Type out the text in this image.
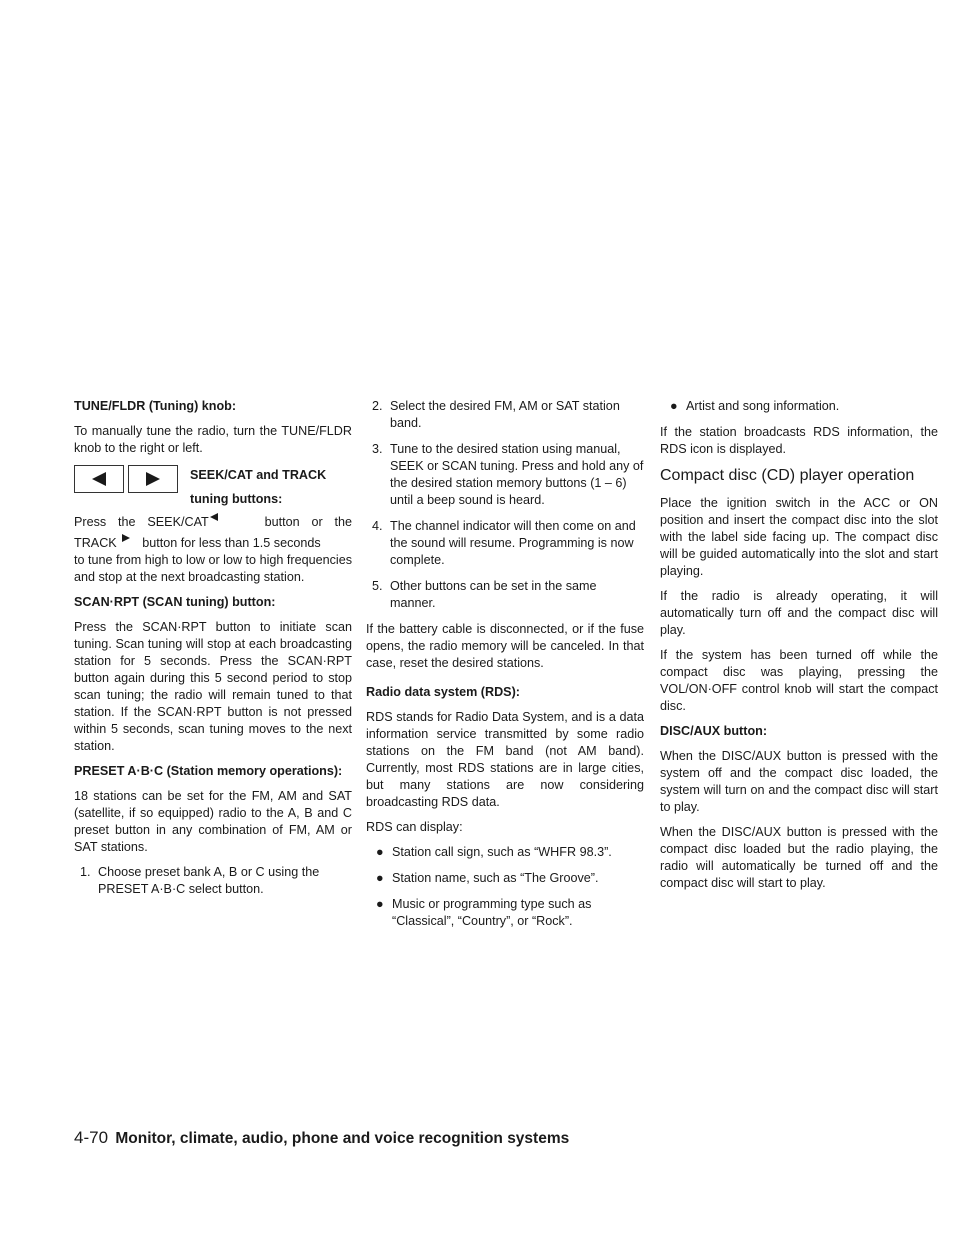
TUNE/FLDR (Tuning) knob:
To manually tune the radio, turn the TUNE/FLDR knob to the right or left.
SEEK/CAT and TRACK
tuning buttons:
Press the SEEK/CAT	button or the
TRACK button for less than 1.5 seconds
to tune from high to low or low to high frequencies and stop at the next broadcasting station.
SCAN·RPT (SCAN tuning) button:
Press the SCAN·RPT button to initiate scan tuning. Scan tuning will stop at each broadcasting station for 5 seconds. Press the SCAN·RPT button again during this 5 second period to stop scan tuning; the radio will remain tuned to that station. If the SCAN·RPT button is not pressed within 5 seconds, scan tuning moves to the next station.
PRESET A·B·C (Station memory operations):
18 stations can be set for the FM, AM and SAT (satellite, if so equipped) radio to the A, B and C preset button in any combination of FM, AM or SAT stations.
1. Choose preset bank A, B or C using the PRESET A·B·C select button.
2. Select the desired FM, AM or SAT station band.
3. Tune to the desired station using manual, SEEK or SCAN tuning. Press and hold any of the desired station memory buttons (1 – 6) until a beep sound is heard.
4. The channel indicator will then come on and the sound will resume. Programming is now complete.
5. Other buttons can be set in the same manner.
If the battery cable is disconnected, or if the fuse opens, the radio memory will be canceled. In that case, reset the desired stations.
Radio data system (RDS):
RDS stands for Radio Data System, and is a data information service transmitted by some radio stations on the FM band (not AM band). Currently, most RDS stations are in large cities, but many stations are now considering broadcasting RDS data.
RDS can display:
● Station call sign, such as “WHFR 98.3”.
● Station name, such as “The Groove”.
● Music or programming type such as “Classical”, “Country”, or “Rock”.
● Artist and song information.
If the station broadcasts RDS information, the RDS icon is displayed.
Compact disc (CD) player operation
Place the ignition switch in the ACC or ON position and insert the compact disc into the slot with the label side facing up. The compact disc will be guided automatically into the slot and start playing.
If the radio is already operating, it will automatically turn off and the compact disc will play.
If the system has been turned off while the compact disc was playing, pressing the VOL/ON·OFF control knob will start the compact disc.
DISC/AUX button:
When the DISC/AUX button is pressed with the system off and the compact disc loaded, the system will turn on and the compact disc will start to play.
When the DISC/AUX button is pressed with the compact disc loaded but the radio playing, the radio will automatically be turned off and the compact disc will start to play.
4-70 Monitor, climate, audio, phone and voice recognition systems
